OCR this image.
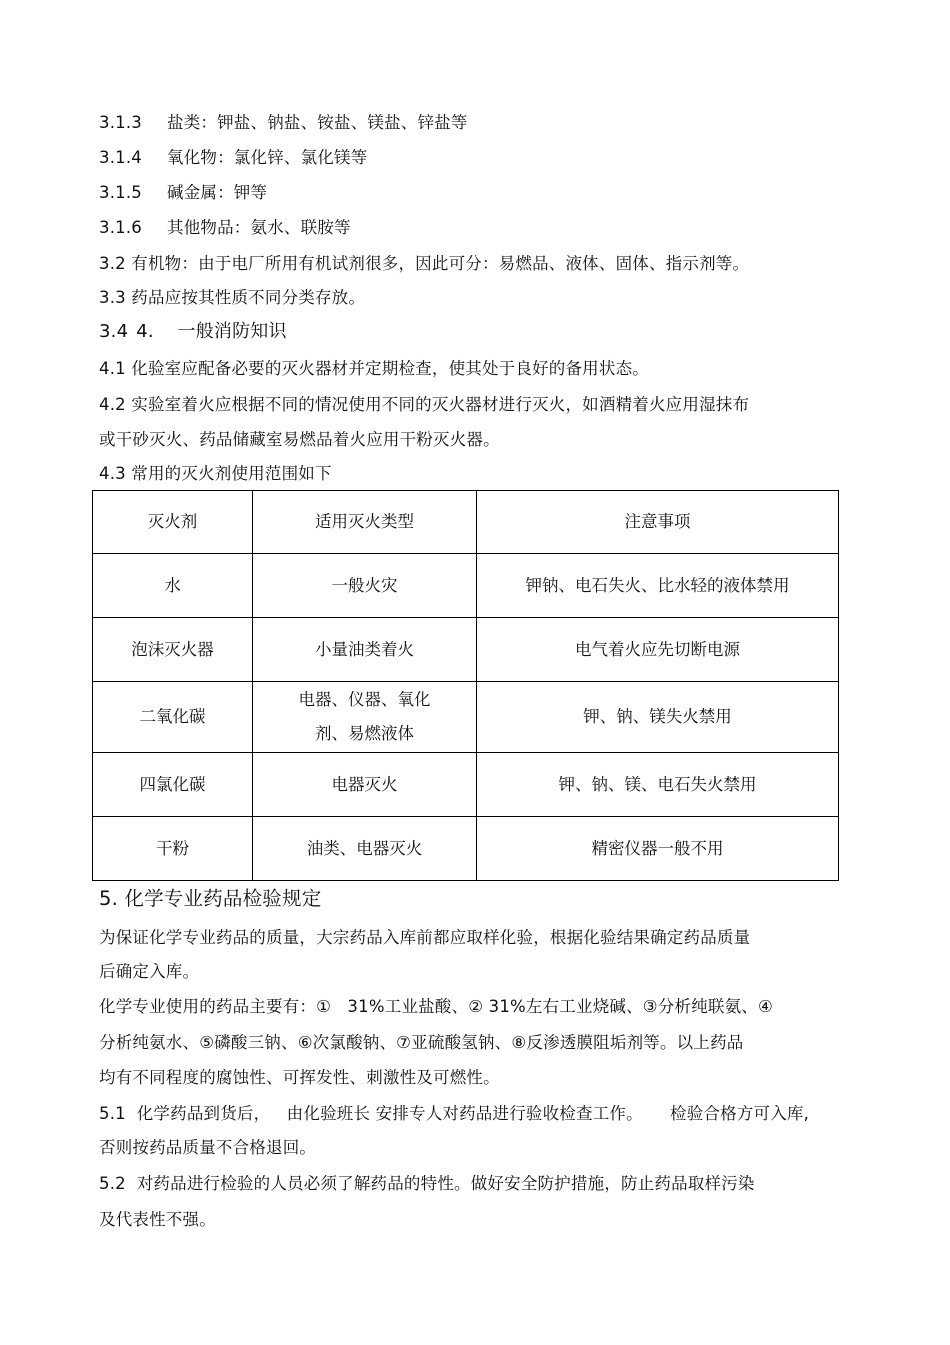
3.1.3 盐类：钾盐、钠盐、铵盐、镁盐、锌盐等
3.1.4 氧化物：氯化锌、氯化镁等
3.1.5 碱金属：钾等
3.1.6 其他物品：氨水、联胺等
3.2 有机物：由于电厂所用有机试剂很多，因此可分：易燃品、液体、固体、指示剂等。
3.3 药品应按其性质不同分类存放。
3.4 4.    一般消防知识
4.1 化验室应配备必要的灭火器材并定期检查，使其处于良好的备用状态。
4.2 实验室着火应根据不同的情况使用不同的灭火器材进行灭火，如酒精着火应用湿抹布
或干砂灭火、药品储藏室易燃品着火应用干粉灭火器。
4.3 常用的灭火剂使用范围如下
灭火剂	适用灭火类型	注意事项
水	一般火灾	钾钠、电石失火、比水轻的液体禁用
泡沫灭火器	小量油类着火	电气着火应先切断电源
二氧化碳	电器、仪器、氧化剂、易燃液体	钾、钠、镁失火禁用
四氯化碳	电器灭火	钾、钠、镁、电石失火禁用
干粉	油类、电器灭火	精密仪器一般不用
5. 化学专业药品检验规定
为保证化学专业药品的质量，大宗药品入库前都应取样化验，根据化验结果确定药品质量
后确定入库。
化学专业使用的药品主要有：①   31%工业盐酸、② 31%左右工业烧碱、③分析纯联氨、④
分析纯氨水、⑤磷酸三钠、⑥次氯酸钠、⑦亚硫酸氢钠、⑧反渗透膜阻垢剂等。以上药品
均有不同程度的腐蚀性、可挥发性、刺激性及可燃性。
5.1  化学药品到货后，   由化验班长 安排专人对药品进行验收检查工作。     检验合格方可入库,
否则按药品质量不合格退回。
5.2  对药品进行检验的人员必须了解药品的特性。做好安全防护措施，防止药品取样污染
及代表性不强。
